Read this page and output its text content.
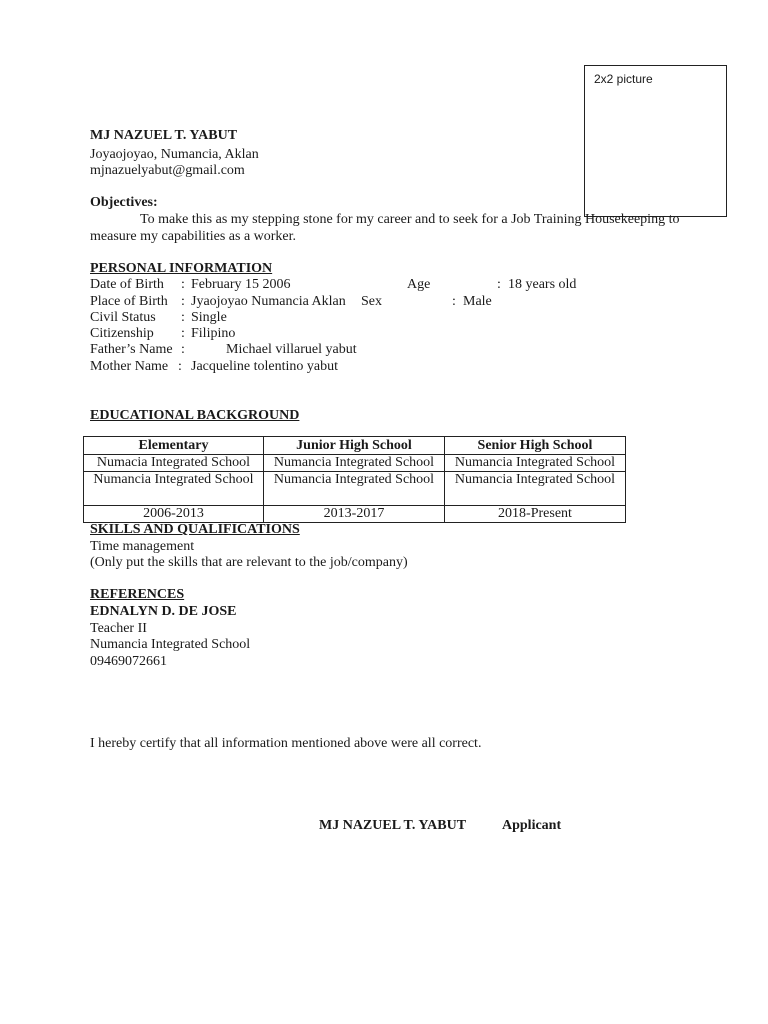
2x2 picture
MJ NAZUEL T. YABUT
Joyaojoyao, Numancia, Aklan
mjnazuelyabut@gmail.com
Objectives:
To make this as my stepping stone for my career and to seek for a Job Training Housekeeping to
measure my capabilities as a worker.
PERSONAL INFORMATION
Date of Birth : February 15 2006	Age	: 18 years old
Place of Birth : Jyaojoyao Numancia Aklan Sex	: Male
Civil Status : Single
Citizenship : Filipino
Father’s Name :	Michael villaruel yabut
Mother Name : Jacqueline tolentino yabut
EDUCATIONAL BACKGROUND
Elementary	Junior High School	Senior High School
Numacia Integrated School	Numancia Integrated School	Numancia Integrated School
Numancia Integrated School	Numancia Integrated School	Numancia Integrated School
2006-2013	2013-2017	2018-Present
SKILLS AND QUALIFICATIONS
Time management
(Only put the skills that are relevant to the job/company)
REFERENCES
EDNALYN D. DE JOSE
Teacher II
Numancia Integrated School
09469072661
I hereby certify that all information mentioned above were all correct.
MJ NAZUEL T. YABUT	Applicant
